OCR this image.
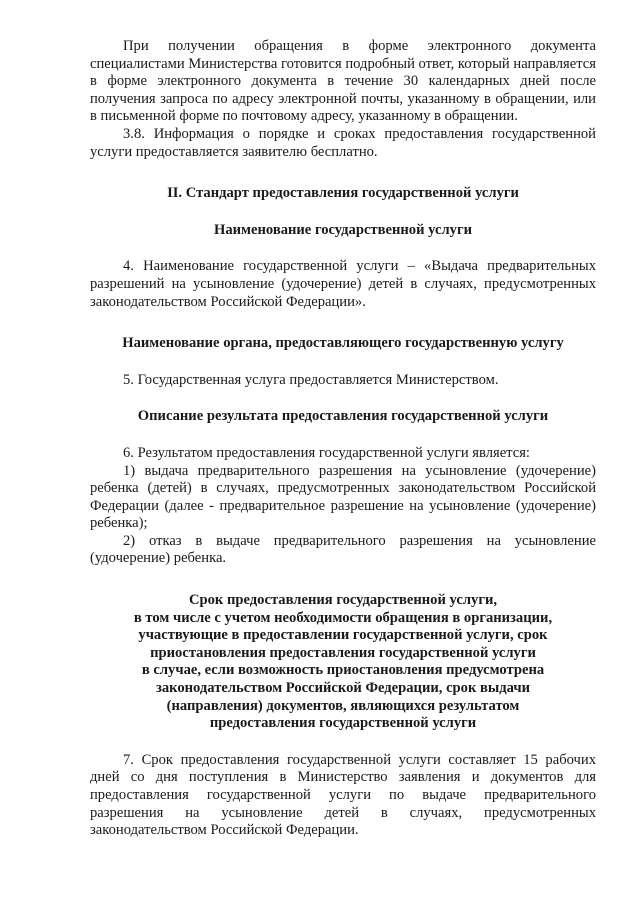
При получении обращения в форме электронного документа специалистами Министерства готовится подробный ответ, который направляется в форме электронного документа в течение 30 календарных дней после получения запроса по адресу электронной почты, указанному в обращении, или в письменной форме по почтовому адресу, указанному в обращении.

3.8. Информация о порядке и сроках предоставления государственной услуги предоставляется заявителю бесплатно.

II. Стандарт предоставления государственной услуги
Наименование государственной услуги

4. Наименование государственной услуги – «Выдача предварительных разрешений на усыновление (удочерение) детей в случаях, предусмотренных законодательством Российской Федерации».

Наименование органа, предоставляющего государственную услугу

5. Государственная услуга предоставляется Министерством.

Описание результата предоставления государственной услуги

6. Результатом предоставления государственной услуги является:

1) выдача предварительного разрешения на усыновление (удочерение) ребенка (детей) в случаях, предусмотренных законодательством Российской Федерации (далее - предварительное разрешение на усыновление (удочерение) ребенка);

2) отказ в выдаче предварительного разрешения на усыновление (удочерение) ребенка.

Срок предоставления государственной услуги,
в том числе с учетом необходимости обращения в организации,
участвующие в предоставлении государственной услуги, срок
приостановления предоставления государственной услуги
в случае, если возможность приостановления предусмотрена
законодательством Российской Федерации, срок выдачи
(направления) документов, являющихся результатом
предоставления государственной услуги

7. Срок предоставления государственной услуги составляет 15 рабочих дней со дня поступления в Министерство заявления и документов для предоставления государственной услуги по выдаче предварительного разрешения на усыновление детей в случаях, предусмотренных законодательством Российской Федерации.
